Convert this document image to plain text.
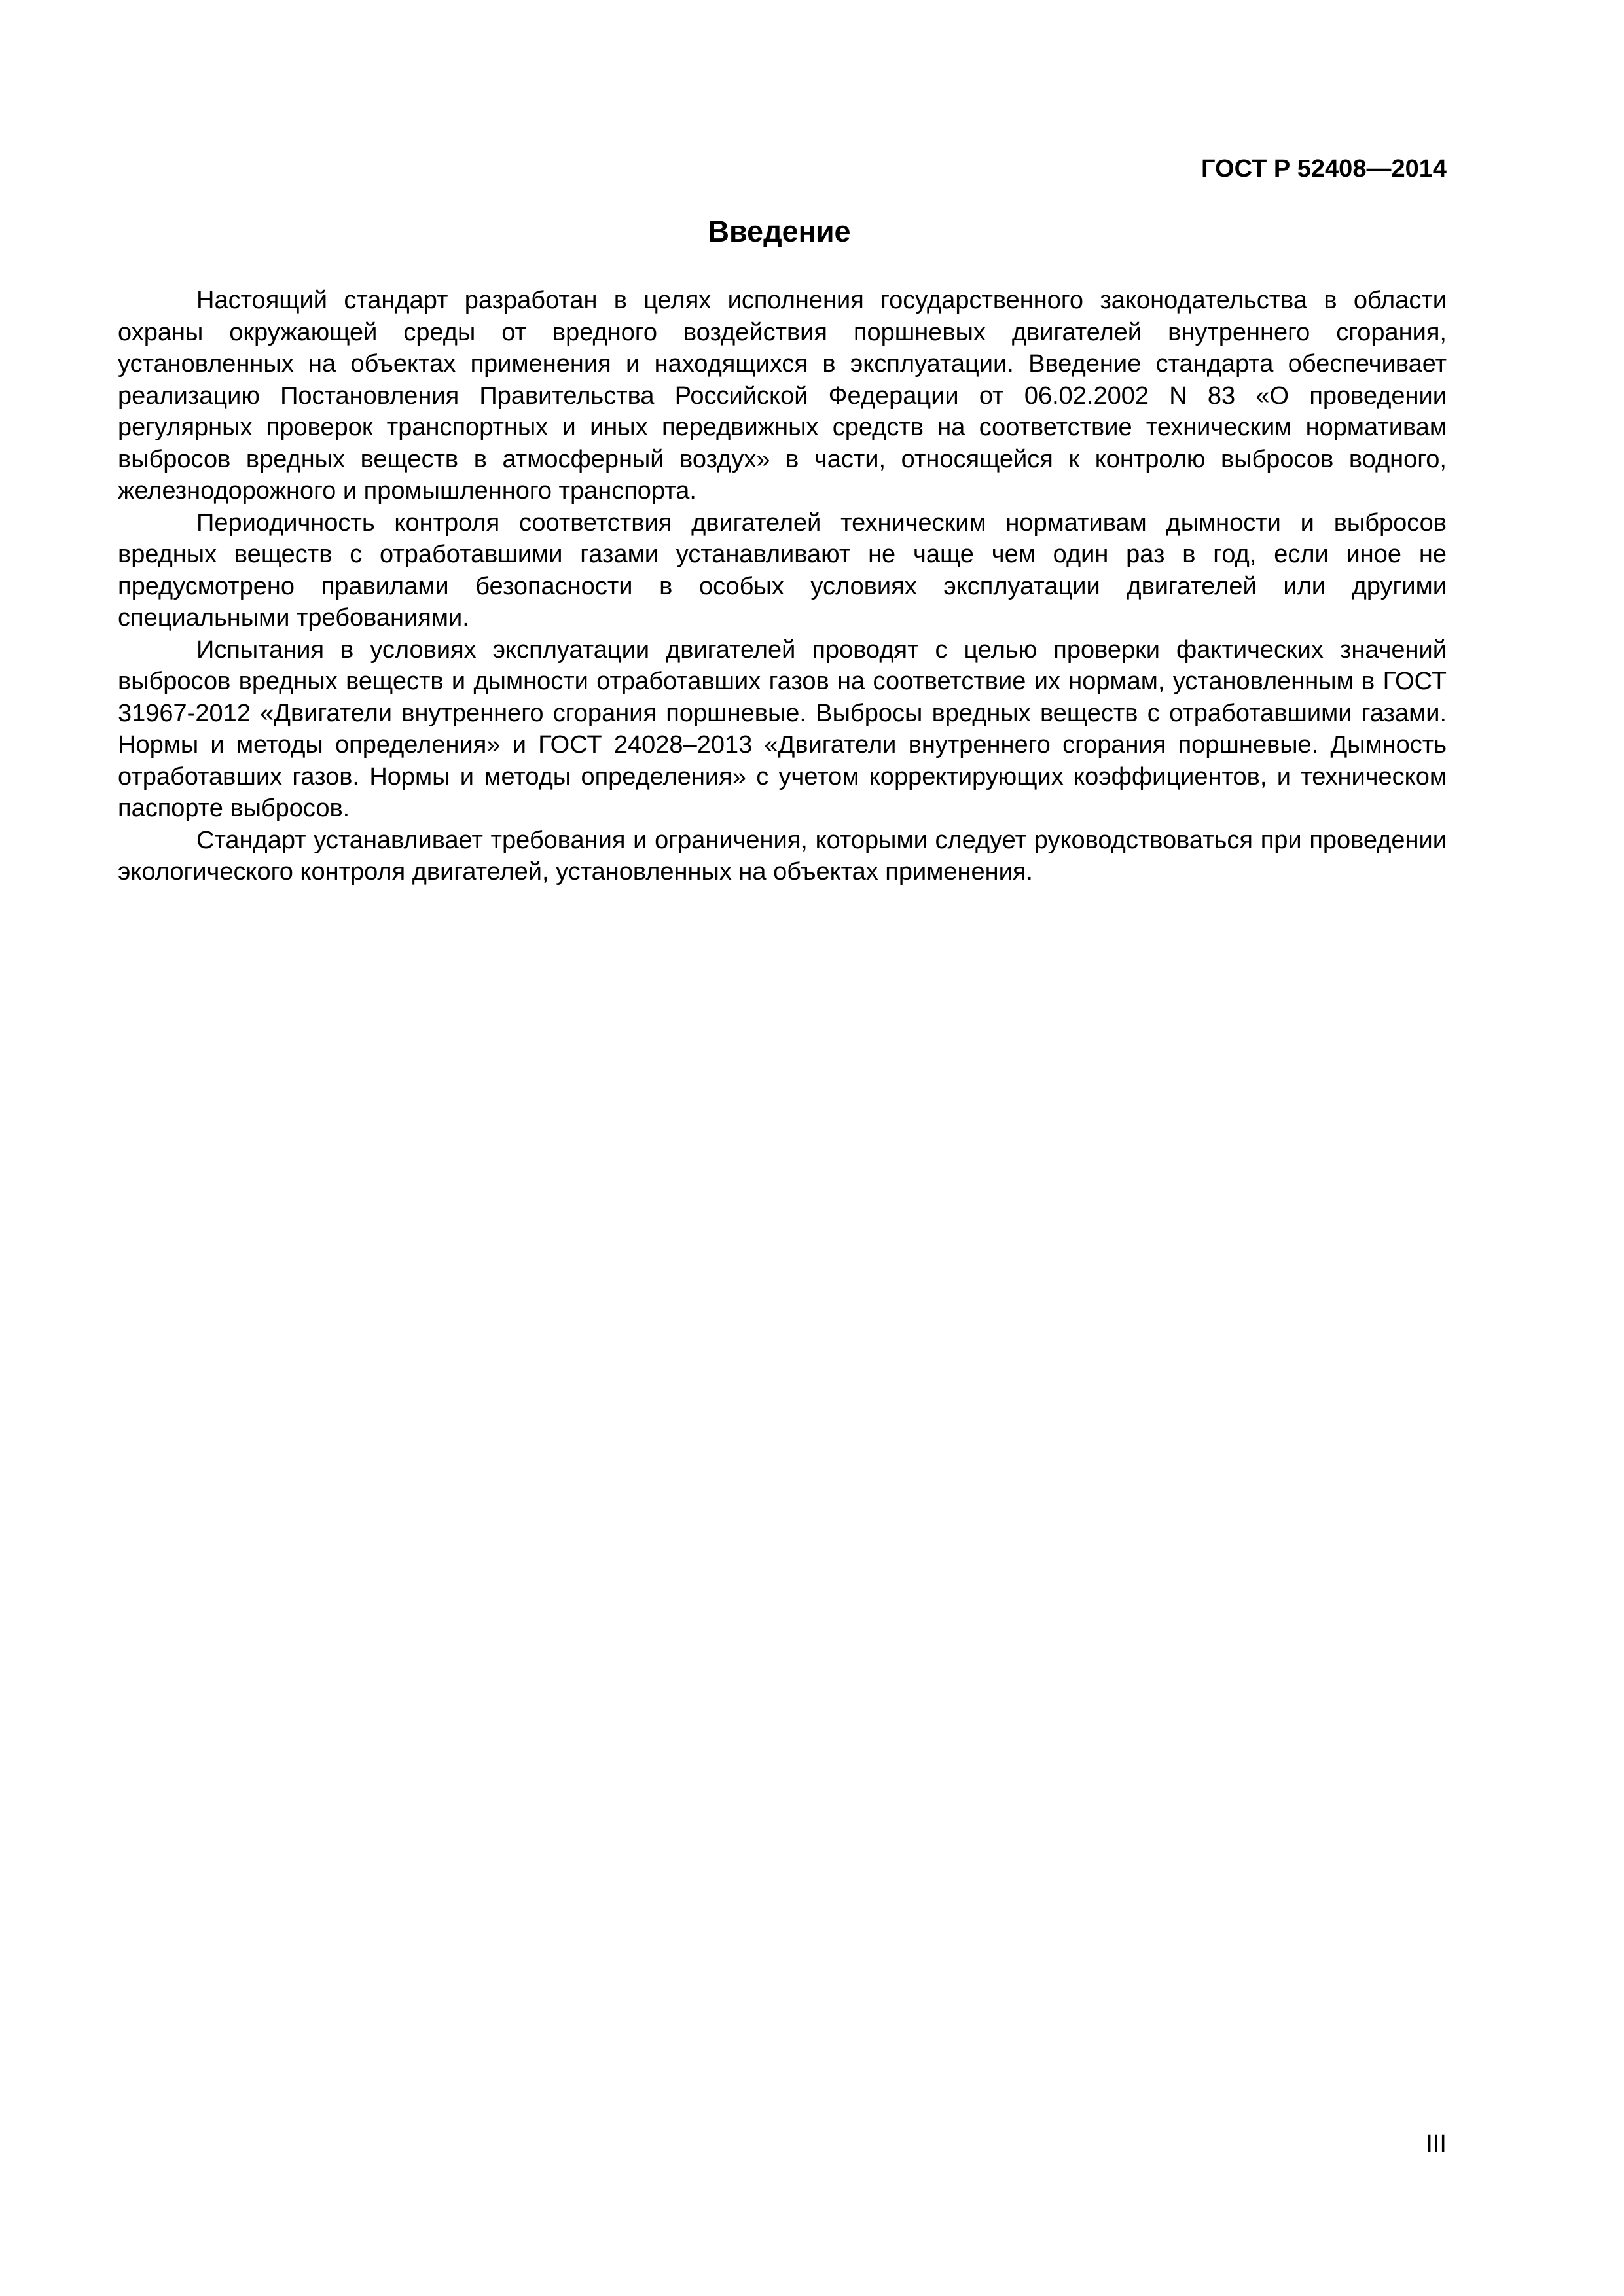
ГОСТ Р 52408—2014
Введение

Настоящий стандарт разработан в целях исполнения государственного законодательства в области охраны окружающей среды от вредного воздействия поршневых двигателей внутреннего сгорания, установленных на объектах применения и находящихся в эксплуатации. Введение стандарта обеспечивает реализацию Постановления Правительства Российской Федерации от 06.02.2002 N 83 «О проведении регулярных проверок транспортных и иных передвижных средств на соответствие техническим нормативам выбросов вредных веществ в атмосферный воздух» в части, относящейся к контролю выбросов водного, железнодорожного и промышленного транспорта.

Периодичность контроля соответствия двигателей техническим нормативам дымности и выбросов вредных веществ с отработавшими газами устанавливают не чаще чем один раз в год, если иное не предусмотрено правилами безопасности в особых условиях эксплуатации двигателей или другими специальными требованиями.

Испытания в условиях эксплуатации двигателей проводят с целью проверки фактических значений выбросов вредных веществ и дымности отработавших газов на соответствие их нормам, установленным в ГОСТ 31967-2012 «Двигатели внутреннего сгорания поршневые. Выбросы вредных веществ с отработавшими газами. Нормы и методы определения» и ГОСТ 24028–2013 «Двигатели внутреннего сгорания поршневые. Дымность отработавших газов. Нормы и методы определения» с учетом корректирующих коэффициентов, и техническом паспорте выбросов.

Стандарт устанавливает требования и ограничения, которыми следует руководствоваться при проведении экологического контроля двигателей, установленных на объектах применения.

III
